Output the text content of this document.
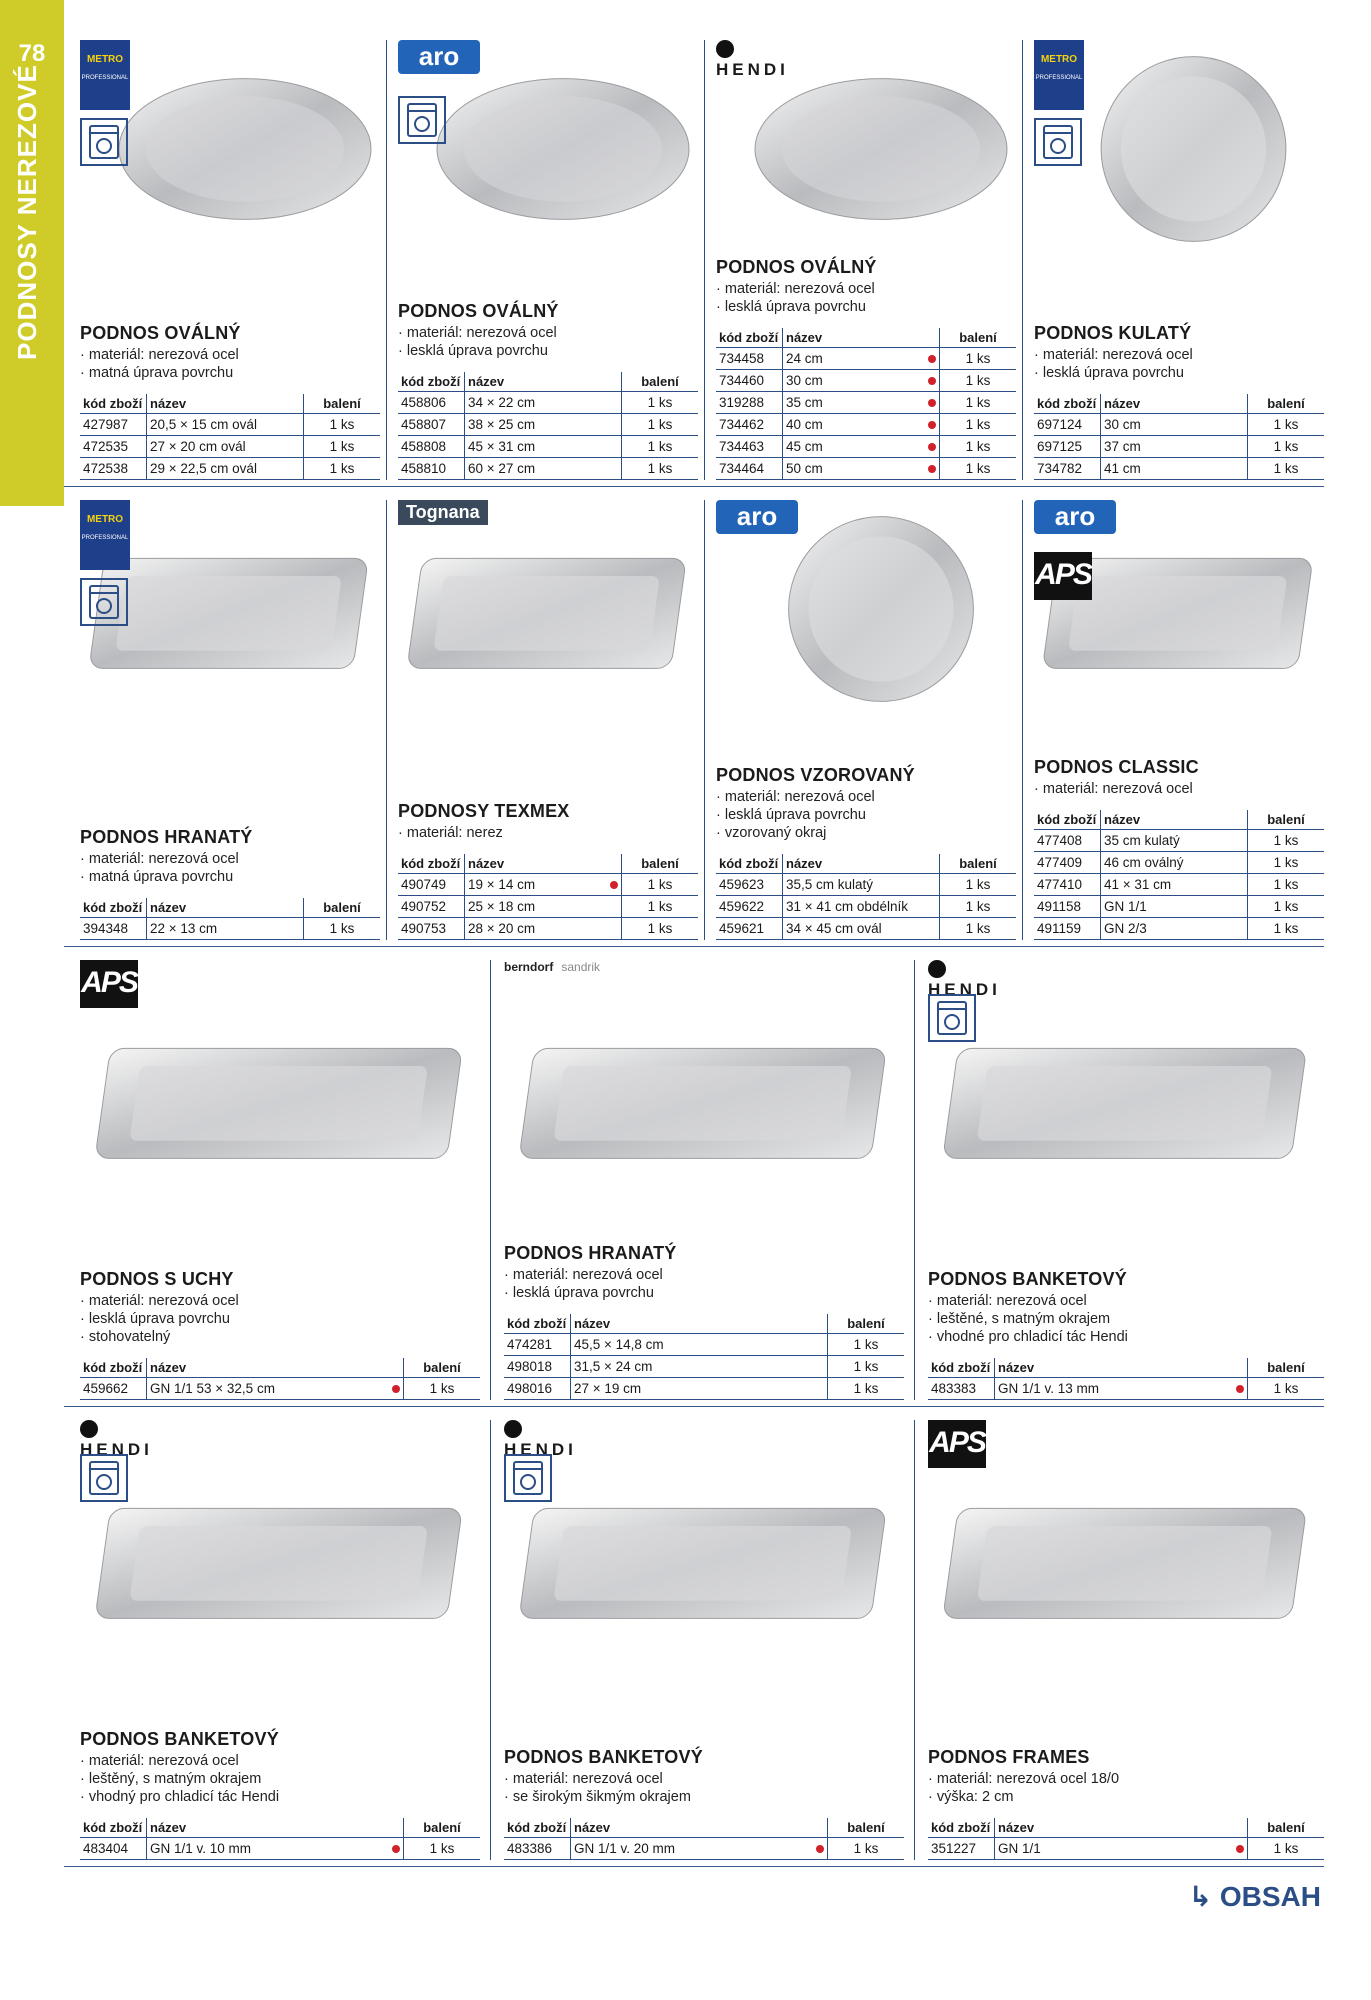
78
PODNOSY NEREZOVÉ
METRO
PROFESSIONAL
PODNOS OVÁLNÝ
· materiál: nerezová ocel
· matná úprava povrchu
kód zboží	název		balení
427987	20,5 × 15 cm ovál		1 ks
472535	27 × 20 cm ovál		1 ks
472538	29 × 22,5 cm ovál		1 ks
aro
PODNOS OVÁLNÝ
· materiál: nerezová ocel
· lesklá úprava povrchu
kód zboží	název		balení
458806	34 × 22 cm		1 ks
458807	38 × 25 cm		1 ks
458808	45 × 31 cm		1 ks
458810	60 × 27 cm		1 ks
HENDI
PODNOS OVÁLNÝ
· materiál: nerezová ocel
· lesklá úprava povrchu
kód zboží	název		balení
734458	24 cm		1 ks
734460	30 cm		1 ks
319288	35 cm		1 ks
734462	40 cm		1 ks
734463	45 cm		1 ks
734464	50 cm		1 ks
METRO
PROFESSIONAL
PODNOS KULATÝ
· materiál: nerezová ocel
· lesklá úprava povrchu
kód zboží	název		balení
697124	30 cm		1 ks
697125	37 cm		1 ks
734782	41 cm		1 ks
METRO
PROFESSIONAL
PODNOS HRANATÝ
· materiál: nerezová ocel
· matná úprava povrchu
kód zboží	název		balení
394348	22 × 13 cm		1 ks
Tognana
PODNOSY TEXMEX
· materiál: nerez
kód zboží	název		balení
490749	19 × 14 cm		1 ks
490752	25 × 18 cm		1 ks
490753	28 × 20 cm		1 ks
aro
PODNOS VZOROVANÝ
· materiál: nerezová ocel
· lesklá úprava povrchu
· vzorovaný okraj
kód zboží	název		balení
459623	35,5 cm kulatý		1 ks
459622	31 × 41 cm obdélník		1 ks
459621	34 × 45 cm ovál		1 ks
aro
APS
PODNOS CLASSIC
· materiál: nerezová ocel
kód zboží	název		balení
477408	35 cm kulatý		1 ks
477409	46 cm oválný		1 ks
477410	41 × 31 cm		1 ks
491158	GN 1/1		1 ks
491159	GN 2/3		1 ks
APS
PODNOS S UCHY
· materiál: nerezová ocel
· lesklá úprava povrchu
· stohovatelný
kód zboží	název		balení
459662	GN 1/1 53 × 32,5 cm		1 ks
berndorf sandrik
PODNOS HRANATÝ
· materiál: nerezová ocel
· lesklá úprava povrchu
kód zboží	název		balení
474281	45,5 × 14,8 cm		1 ks
498018	31,5 × 24 cm		1 ks
498016	27 × 19 cm		1 ks
HENDI
PODNOS BANKETOVÝ
· materiál: nerezová ocel
· leštěné, s matným okrajem
· vhodné pro chladicí tác Hendi
kód zboží	název		balení
483383	GN 1/1 v. 13 mm		1 ks
HENDI
PODNOS BANKETOVÝ
· materiál: nerezová ocel
· leštěný, s matným okrajem
· vhodný pro chladicí tác Hendi
kód zboží	název		balení
483404	GN 1/1 v. 10 mm		1 ks
HENDI
PODNOS BANKETOVÝ
· materiál: nerezová ocel
· se širokým šikmým okrajem
kód zboží	název		balení
483386	GN 1/1 v. 20 mm		1 ks
APS
PODNOS FRAMES
· materiál: nerezová ocel 18/0
· výška: 2 cm
kód zboží	název		balení
351227	GN 1/1		1 ks
↳ OBSAH
